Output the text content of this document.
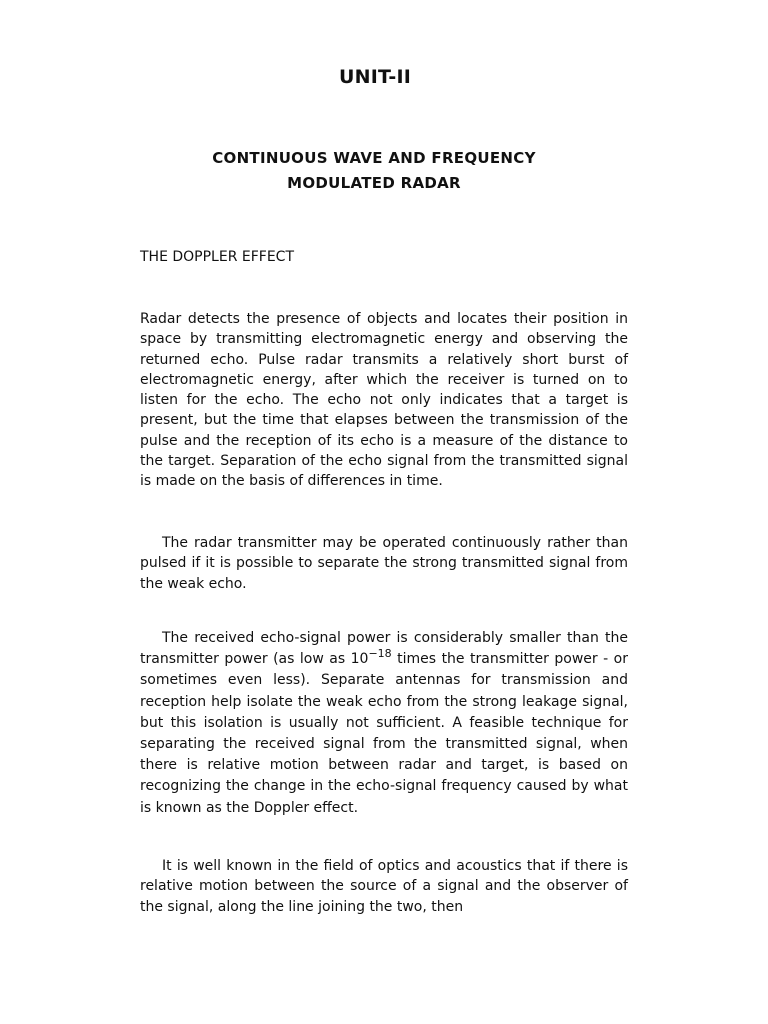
UNIT-II
CONTINUOUS WAVE AND FREQUENCY
MODULATED RADAR
THE DOPPLER EFFECT

Radar detects the presence of objects and locates their position in space by transmitting electromagnetic energy and observing the returned echo. Pulse radar transmits a relatively short burst of electromagnetic energy, after which the receiver is turned on to listen for the echo. The echo not only indicates that a target is present, but the time that elapses between the transmission of the pulse and the reception of its echo is a measure of the distance to the target. Separation of the echo signal from the transmitted signal is made on the basis of differences in time.

The radar transmitter may be operated continuously rather than pulsed if it is possible to separate the strong transmitted signal from the weak echo.

The received echo-signal power is considerably smaller than the transmitter power (as low as $10^{-18}$ times the transmitter power - or sometimes even less). Separate antennas for transmission and reception help isolate the weak echo from the strong leakage signal, but this isolation is usually not sufficient. A feasible technique for separating the received signal from the transmitted signal, when there is relative motion between radar and target, is based on recognizing the change in the echo-signal frequency caused by what is known as the Doppler effect.

It is well known in the field of optics and acoustics that if there is relative motion between the source of a signal and the observer of the signal, along the line joining the two, then
